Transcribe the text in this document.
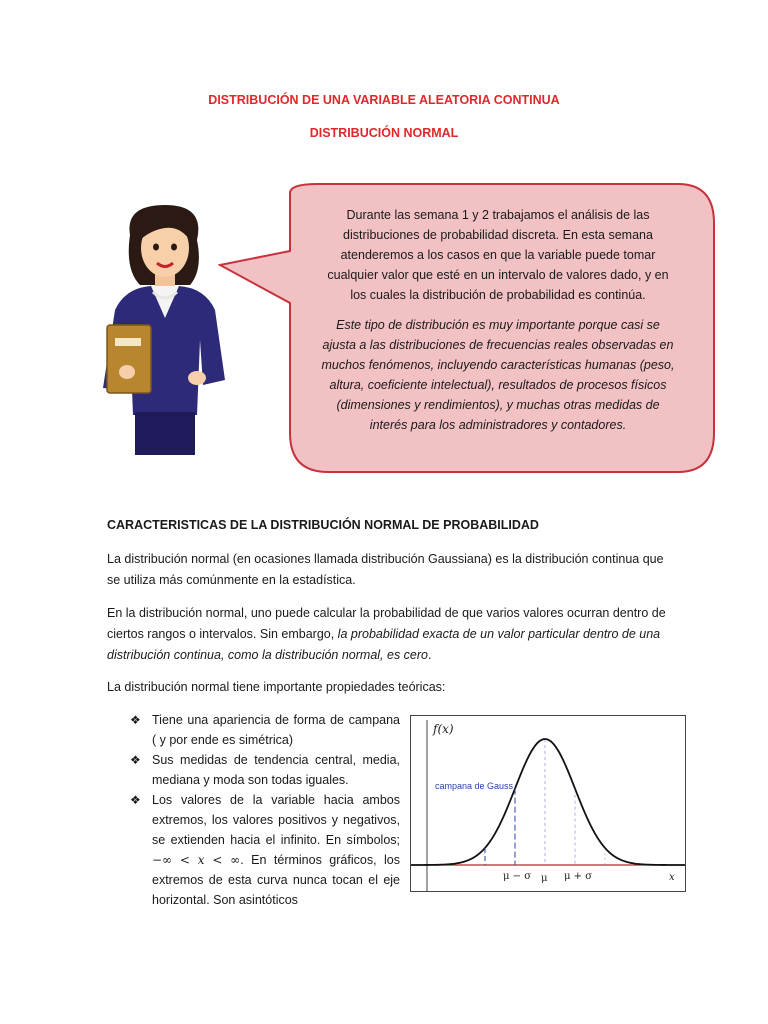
DISTRIBUCIÓN DE UNA VARIABLE ALEATORIA CONTINUA
DISTRIBUCIÓN NORMAL

Durante las semana 1 y 2 trabajamos el análisis de las distribuciones de probabilidad discreta. En esta semana atenderemos a los casos en que la variable puede tomar cualquier valor que esté en un intervalo de valores dado, y en los cuales la distribución de probabilidad es continúa.

Este tipo de distribución es muy importante porque casi se ajusta a las distribuciones de frecuencias reales observadas en muchos fenómenos, incluyendo características humanas (peso, altura, coeficiente intelectual), resultados de procesos físicos (dimensiones y rendimientos), y muchas otras medidas de interés para los administradores y contadores.

CARACTERISTICAS DE LA DISTRIBUCIÓN NORMAL DE PROBABILIDAD

La distribución normal (en ocasiones llamada distribución Gaussiana) es la distribución continua que se utiliza más comúnmente en la estadística.

En la distribución normal, uno puede calcular la probabilidad de que varios valores ocurran dentro de ciertos rangos o intervalos. Sin embargo, la probabilidad exacta de un valor particular dentro de una distribución continua, como la distribución normal, es cero.

La distribución normal tiene importante propiedades teóricas:

❖ Tiene una apariencia de forma de campana ( y por ende es simétrica)
❖ Sus medidas de tendencia central, media, mediana y moda son todas iguales.
❖ Los valores de la variable hacia ambos extremos, los valores positivos y negativos, se extienden hacia el infinito. En símbolos; −∞ < x < ∞. En términos gráficos, los extremos de esta curva nunca tocan el eje horizontal. Son asintóticos
f(x)
campana de Gauss
μ − σ μ μ + σ	x
